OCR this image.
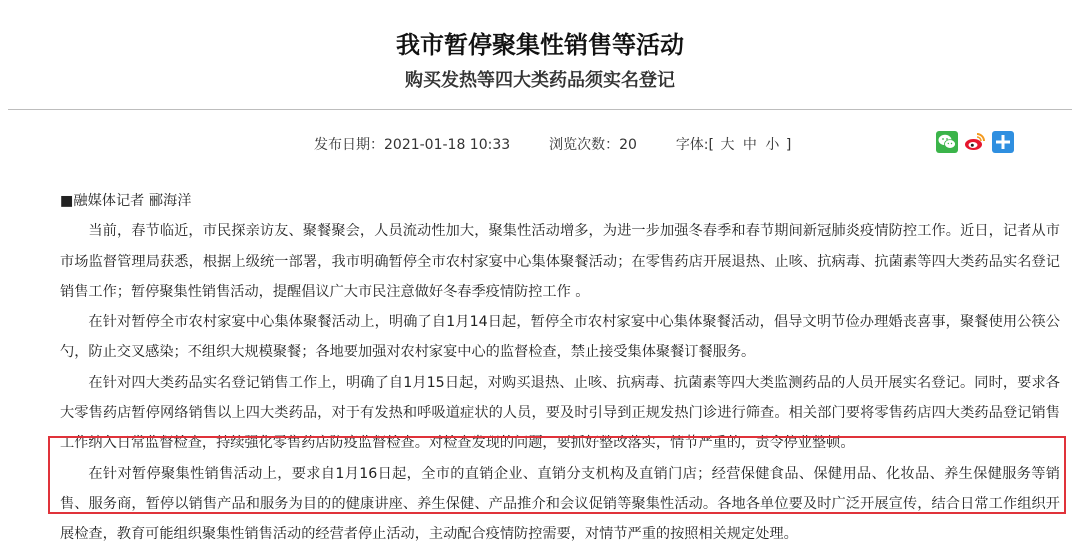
我市暂停聚集性销售等活动
购买发热等四大类药品须实名登记
发布日期：2021-01-18 10:33	浏览次数：20	字体:[ 大 中 小 ]

■融媒体记者 郦海洋

当前，春节临近，市民探亲访友、聚餐聚会，人员流动性加大，聚集性活动增多，为进一步加强冬春季和春节期间新冠肺炎疫情防控工作。近日，记者从市市场监督管理局获悉，根据上级统一部署，我市明确暂停全市农村家宴中心集体聚餐活动；在零售药店开展退热、止咳、抗病毒、抗菌素等四大类药品实名登记销售工作；暂停聚集性销售活动，提醒倡议广大市民注意做好冬春季疫情防控工作 。

在针对暂停全市农村家宴中心集体聚餐活动上，明确了自1月14日起，暂停全市农村家宴中心集体聚餐活动，倡导文明节俭办理婚丧喜事，聚餐使用公筷公勺，防止交叉感染；不组织大规模聚餐；各地要加强对农村家宴中心的监督检查，禁止接受集体聚餐订餐服务。

在针对四大类药品实名登记销售工作上，明确了自1月15日起，对购买退热、止咳、抗病毒、抗菌素等四大类监测药品的人员开展实名登记。同时，要求各大零售药店暂停网络销售以上四大类药品，对于有发热和呼吸道症状的人员，要及时引导到正规发热门诊进行筛查。相关部门要将零售药店四大类药品登记销售工作纳入日常监督检查，持续强化零售药店防疫监督检查。对检查发现的问题，要抓好整改落实，情节严重的，责令停业整顿。

在针对暂停聚集性销售活动上，要求自1月16日起，全市的直销企业、直销分支机构及直销门店；经营保健食品、保健用品、化妆品、养生保健服务等销售、服务商，暂停以销售产品和服务为目的的健康讲座、养生保健、产品推介和会议促销等聚集性活动。各地各单位要及时广泛开展宣传，结合日常工作组织开展检查，教育可能组织聚集性销售活动的经营者停止活动，主动配合疫情防控需要，对情节严重的按照相关规定处理。
